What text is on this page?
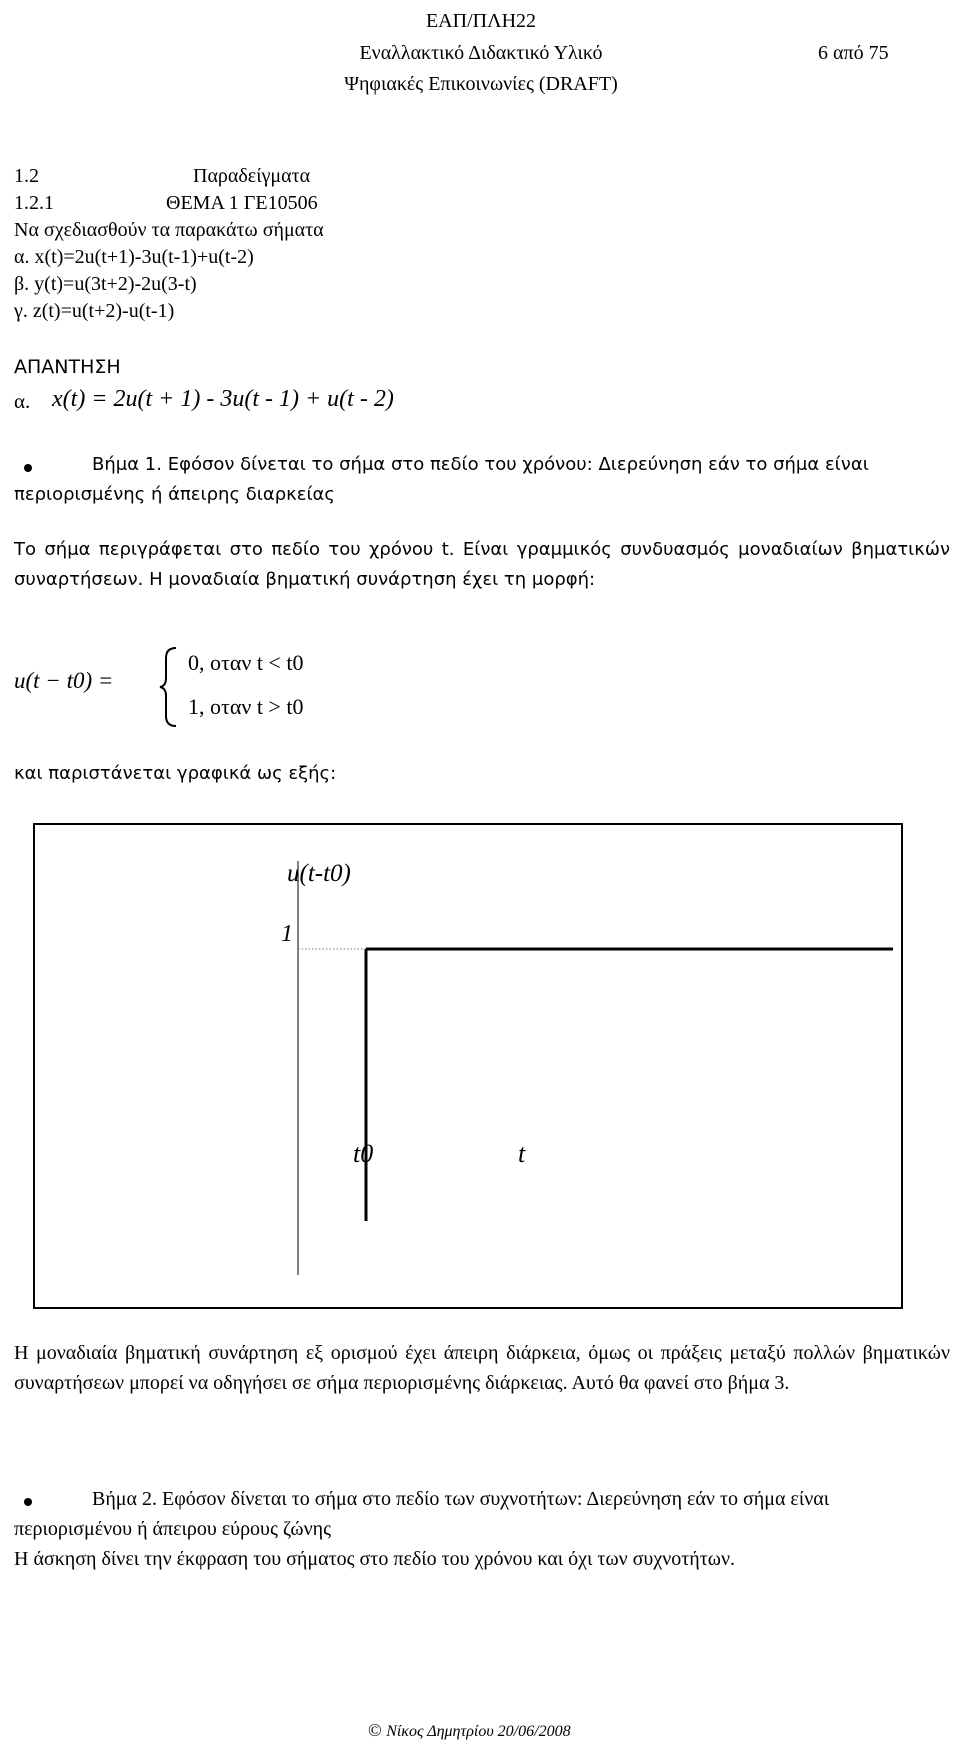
ΕΑΠ/ΠΛΗ22
Εναλλακτικό Διδακτικό Υλικό
Ψηφιακές Επικοινωνίες (DRAFT)
6 από 75
1.2	Παραδείγματα
1.2.1	ΘΕΜΑ 1 ΓΕ10506
Να σχεδιασθούν τα παρακάτω σήματα
α. x(t)=2u(t+1)-3u(t-1)+u(t-2)
β. y(t)=u(3t+2)-2u(3-t)
γ. z(t)=u(t+2)-u(t-1)
ΑΠΑΝΤΗΣΗ
α. x(t) = 2u(t + 1) - 3u(t - 1) + u(t - 2)
Βήμα 1. Εφόσον δίνεται το σήμα στο πεδίο του χρόνου: Διερεύνηση εάν το σήμα είναι περιορισμένης ή άπειρης διαρκείας
Το σήμα περιγράφεται στο πεδίο του χρόνου t. Είναι γραμμικός συνδυασμός μοναδιαίων βηματικών συναρτήσεων. Η μοναδιαία βηματική συνάρτηση έχει τη μορφή:
u(t − t0) =
0, οταν t < t0
1, οταν t > t0
και παριστάνεται γραφικά ως εξής:
u(t-t0)
1
t0	t
Η μοναδιαία βηματική συνάρτηση εξ ορισμού έχει άπειρη διάρκεια, όμως οι πράξεις μεταξύ πολλών βηματικών συναρτήσεων μπορεί να οδηγήσει σε σήμα περιορισμένης διάρκειας. Αυτό θα φανεί στο βήμα 3.
Βήμα 2. Εφόσον δίνεται το σήμα στο πεδίο των συχνοτήτων: Διερεύνηση εάν το σήμα είναι περιορισμένου ή άπειρου εύρους ζώνης
Η άσκηση δίνει την έκφραση του σήματος στο πεδίο του χρόνου και όχι των συχνοτήτων.
© Νίκος Δημητρίου 20/06/2008
